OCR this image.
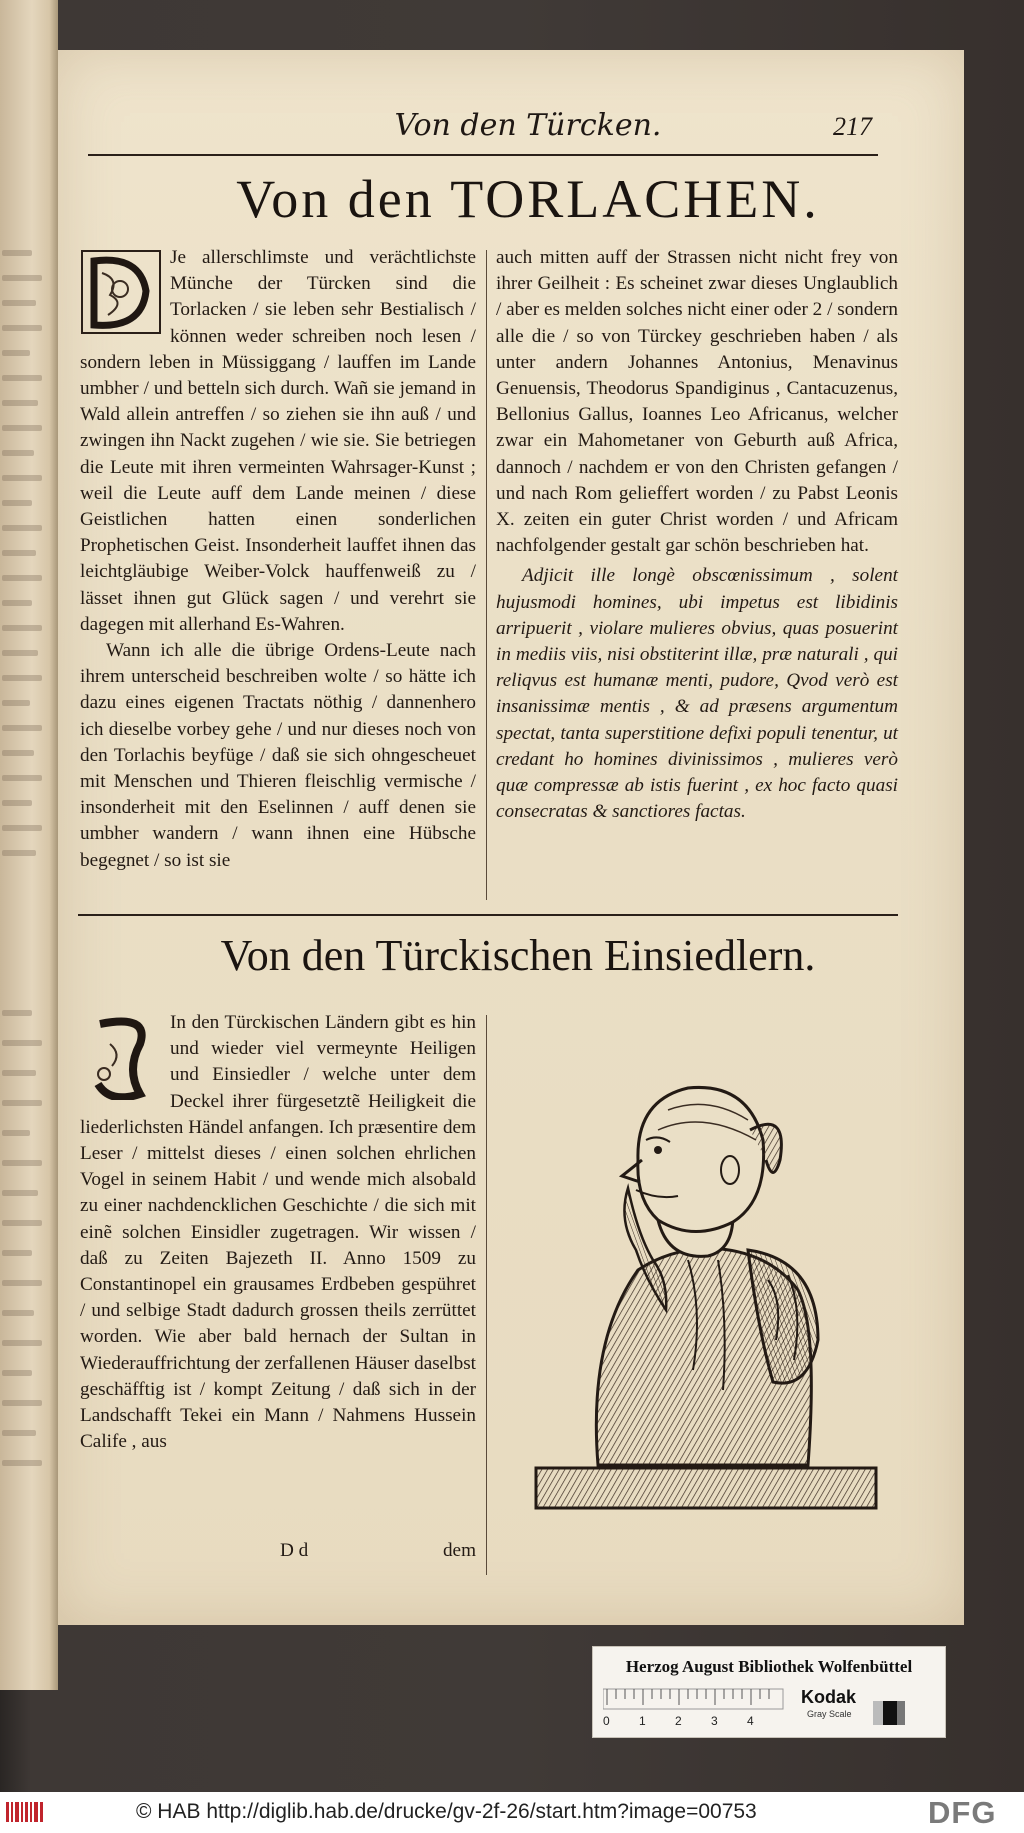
Von den Türcken.	217
Von den TORLACHEN.

Je allerschlimste und verächtlichste Münche der Türcken sind die Torlacken / sie leben sehr Bestialisch / können weder schreiben noch lesen / sondern leben in Müssiggang / lauffen im Lande umbher / und betteln sich durch. Wañ sie jemand in Wald allein antreffen / so ziehen sie ihn auß / und zwingen ihn Nackt zugehen / wie sie. Sie betriegen die Leute mit ihren vermeinten Wahrsager-Kunst ; weil die Leute auff dem Lande meinen / diese Geistlichen hatten einen sonderlichen Prophetischen Geist. Insonderheit lauffet ihnen das leichtgläubige Weiber-Volck hauffenweiß zu / lässet ihnen gut Glück sagen / und verehrt sie dagegen mit allerhand Es-Wahren.

Wann ich alle die übrige Ordens-Leute nach ihrem unterscheid beschreiben wolte / so hätte ich dazu eines eigenen Tractats nöthig / dannenhero ich dieselbe vorbey gehe / und nur dieses noch von den Torlachis beyfüge / daß sie sich ohngescheuet mit Menschen und Thieren fleischlig vermische / insonderheit mit den Eselinnen / auff denen sie umbher wandern / wann ihnen eine Hübsche begegnet / so ist sie

auch mitten auff der Strassen nicht nicht frey von ihrer Geilheit : Es scheinet zwar dieses Unglaublich / aber es melden solches nicht einer oder 2 / sondern alle die / so von Türckey geschrieben haben / als unter andern Johannes Antonius, Menavinus Genuensis, Theodorus Spandiginus , Cantacuzenus, Bellonius Gallus, Ioannes Leo Africanus, welcher zwar ein Mahometaner von Geburth auß Africa, dannoch / nachdem er von den Christen gefangen / und nach Rom gelieffert worden / zu Pabst Leonis X. zeiten ein guter Christ worden / und Africam nachfolgender gestalt gar schön beschrieben hat.

Adjicit ille longè obscœnissimum , solent hujusmodi homines, ubi impetus est libidinis arripuerit , violare mulieres obvius, quas posuerint in mediis viis, nisi obstiterint illæ, præ naturali , qui reliqvus est humanæ menti, pudore, Qvod verò est insanissimæ mentis , & ad præsens argumentum spectat, tanta superstitione defixi populi tenentur, ut credant ho homines divinissimos , mulieres verò quæ compressæ ab istis fuerint , ex hoc facto quasi consecratas & sanctiores factas.

Von den Türckischen Einsiedlern.

In den Türckischen Ländern gibt es hin und wieder viel vermeynte Heiligen und Einsiedler / welche unter dem Deckel ihrer fürgesetztẽ Heiligkeit die liederlichsten Händel anfangen. Ich præsentire dem Leser / mittelst dieses / einen solchen ehrlichen Vogel in seinem Habit / und wende mich alsobald zu einer nachdencklichen Geschichte / die sich mit einẽ solchen Einsidler zugetragen. Wir wissen / daß zu Zeiten Bajezeth II. Anno 1509 zu Constantinopel ein grausames Erdbeben gespühret / und selbige Stadt dadurch grossen theils zerrüttet worden. Wie aber bald hernach der Sultan in Wiederauffrichtung der zerfallenen Häuser daselbst geschäfftig ist / kompt Zeitung / daß sich in der Landschafft Tekei ein Mann / Nahmens Hussein Calife , aus

D d	dem
Herzog August Bibliothek Wolfenbüttel
0 1 2 3 4
Kodak
Gray Scale
© HAB http://diglib.hab.de/drucke/gv-2f-26/start.htm?image=00753	DFG
